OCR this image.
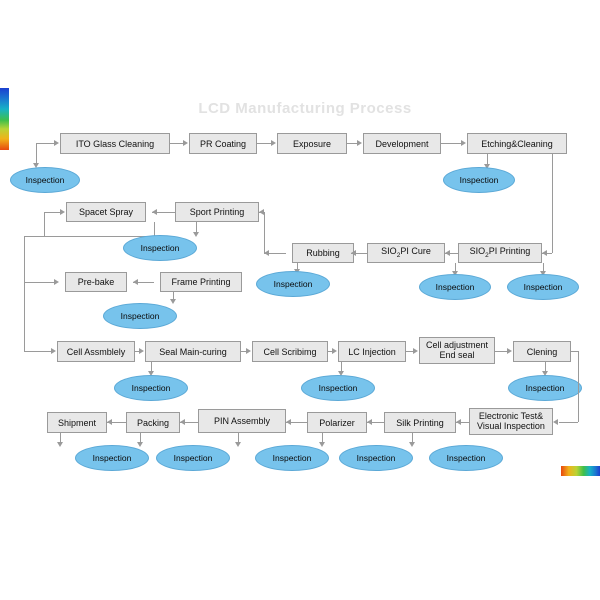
LCD Manufacturing Process
ITO Glass Cleaning	PR Coating	Exposure	Development	Etching&Cleaning
Inspection	Inspection
Spacet Spray	Sport Printing
Rubbing	$SIO_2PI$ Cure	$SIO_2PI$ Printing
Inspection
Inspection	Inspection	Inspection
Pre-bake	Frame Printing
Inspection
Cell Assmblely	Seal Main-curing	Cell Scribimg	LC Injection
Cell adjustment End seal	Clening
Inspection	Inspection	Inspection
Shipment	Packing	PIN Assembly	Polarizer	Silk Printing
Electronic Test& Visual Inspection
Inspection	Inspection	Inspection	Inspection	Inspection
